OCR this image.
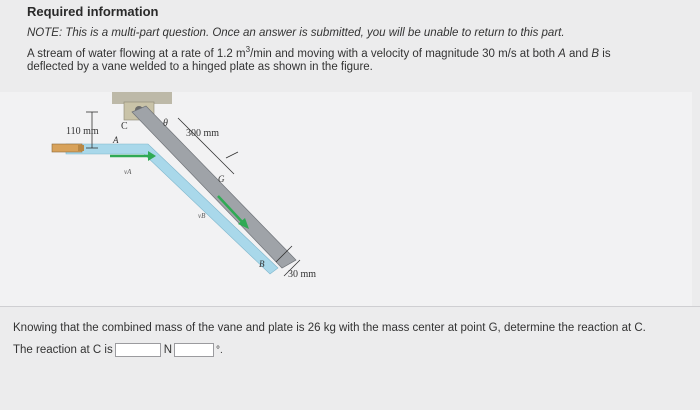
Required information
NOTE: This is a multi-part question. Once an answer is submitted, you will be unable to return to this part.
A stream of water flowing at a rate of 1.2 $m^3/\min$ and moving with a velocity of magnitude 30 m/s at both A and B is
deflected by a vane welded to a hinged plate as shown in the figure.
110 mm C
A
θ
300 mm
G
vA
vB
B
30 mm
Knowing that the combined mass of the vane and plate is 26 kg with the mass center at point G, determine the reaction at C.
The reaction at C is	N	°.
